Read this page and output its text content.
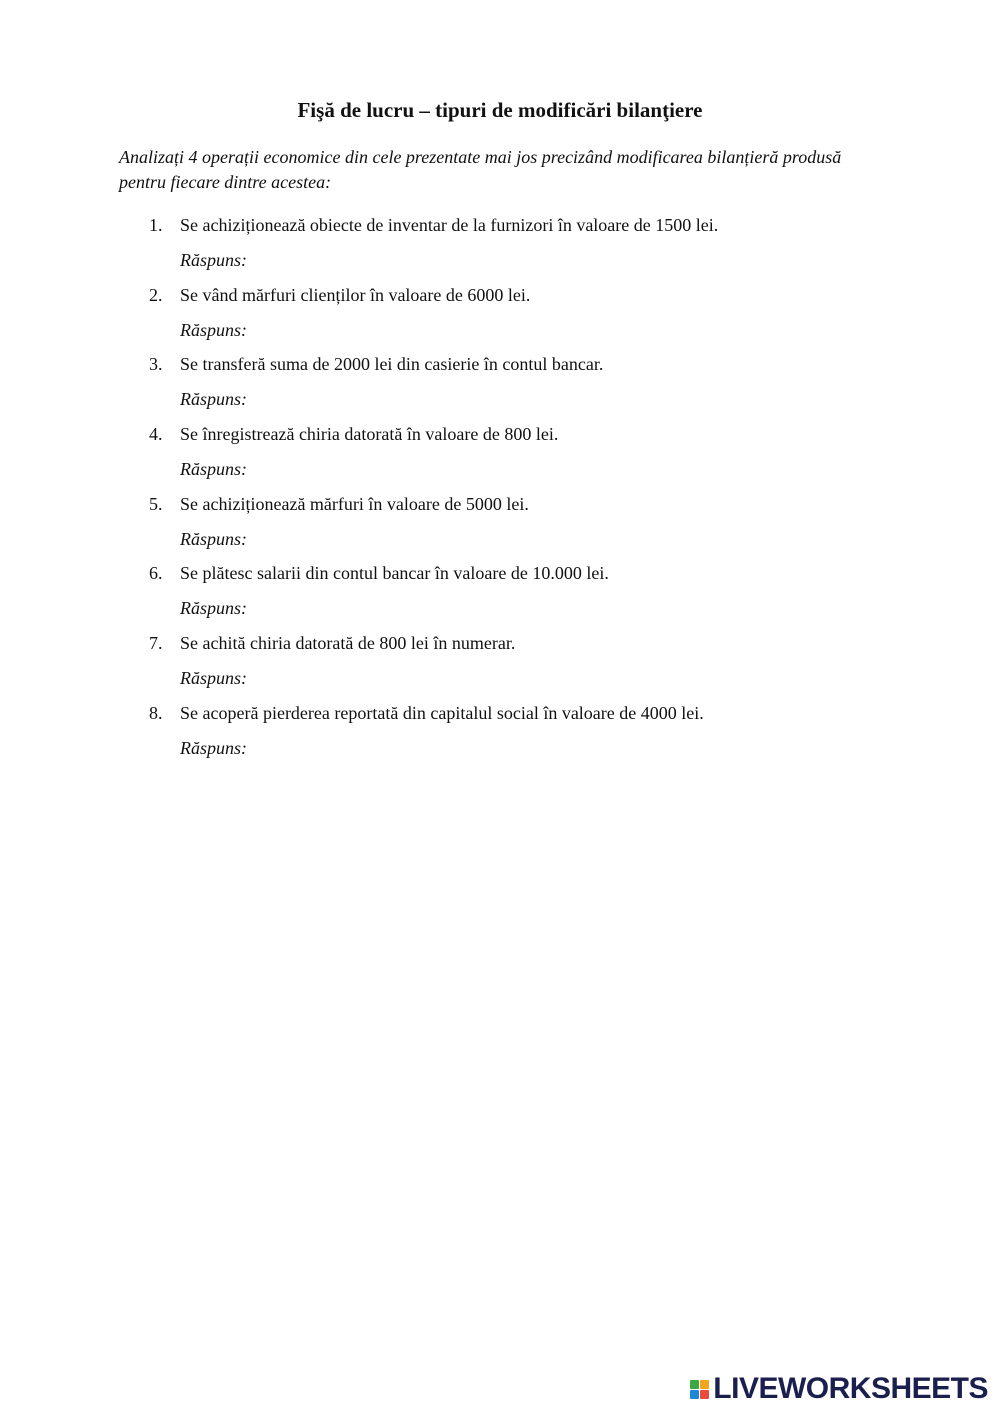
Fişă de lucru – tipuri de modificări bilanţiere

Analizați 4 operații economice din cele prezentate mai jos precizând modificarea bilanțieră produsă pentru fiecare dintre acestea:

1. Se achiziționează obiecte de inventar de la furnizori în valoare de 1500 lei.
Răspuns:
2. Se vând mărfuri clienților în valoare de 6000 lei.
Răspuns:
3. Se transferă suma de 2000 lei din casierie în contul bancar.
Răspuns:
4. Se înregistrează chiria datorată în valoare de 800 lei.
Răspuns:
5. Se achiziționează mărfuri în valoare de 5000 lei.
Răspuns:
6. Se plătesc salarii din contul bancar în valoare de 10.000 lei.
Răspuns:
7. Se achită chiria datorată de 800 lei în numerar.
Răspuns:
8. Se acoperă pierderea reportată din capitalul social în valoare de 4000 lei.
Răspuns:
LIVEWORKSHEETS
